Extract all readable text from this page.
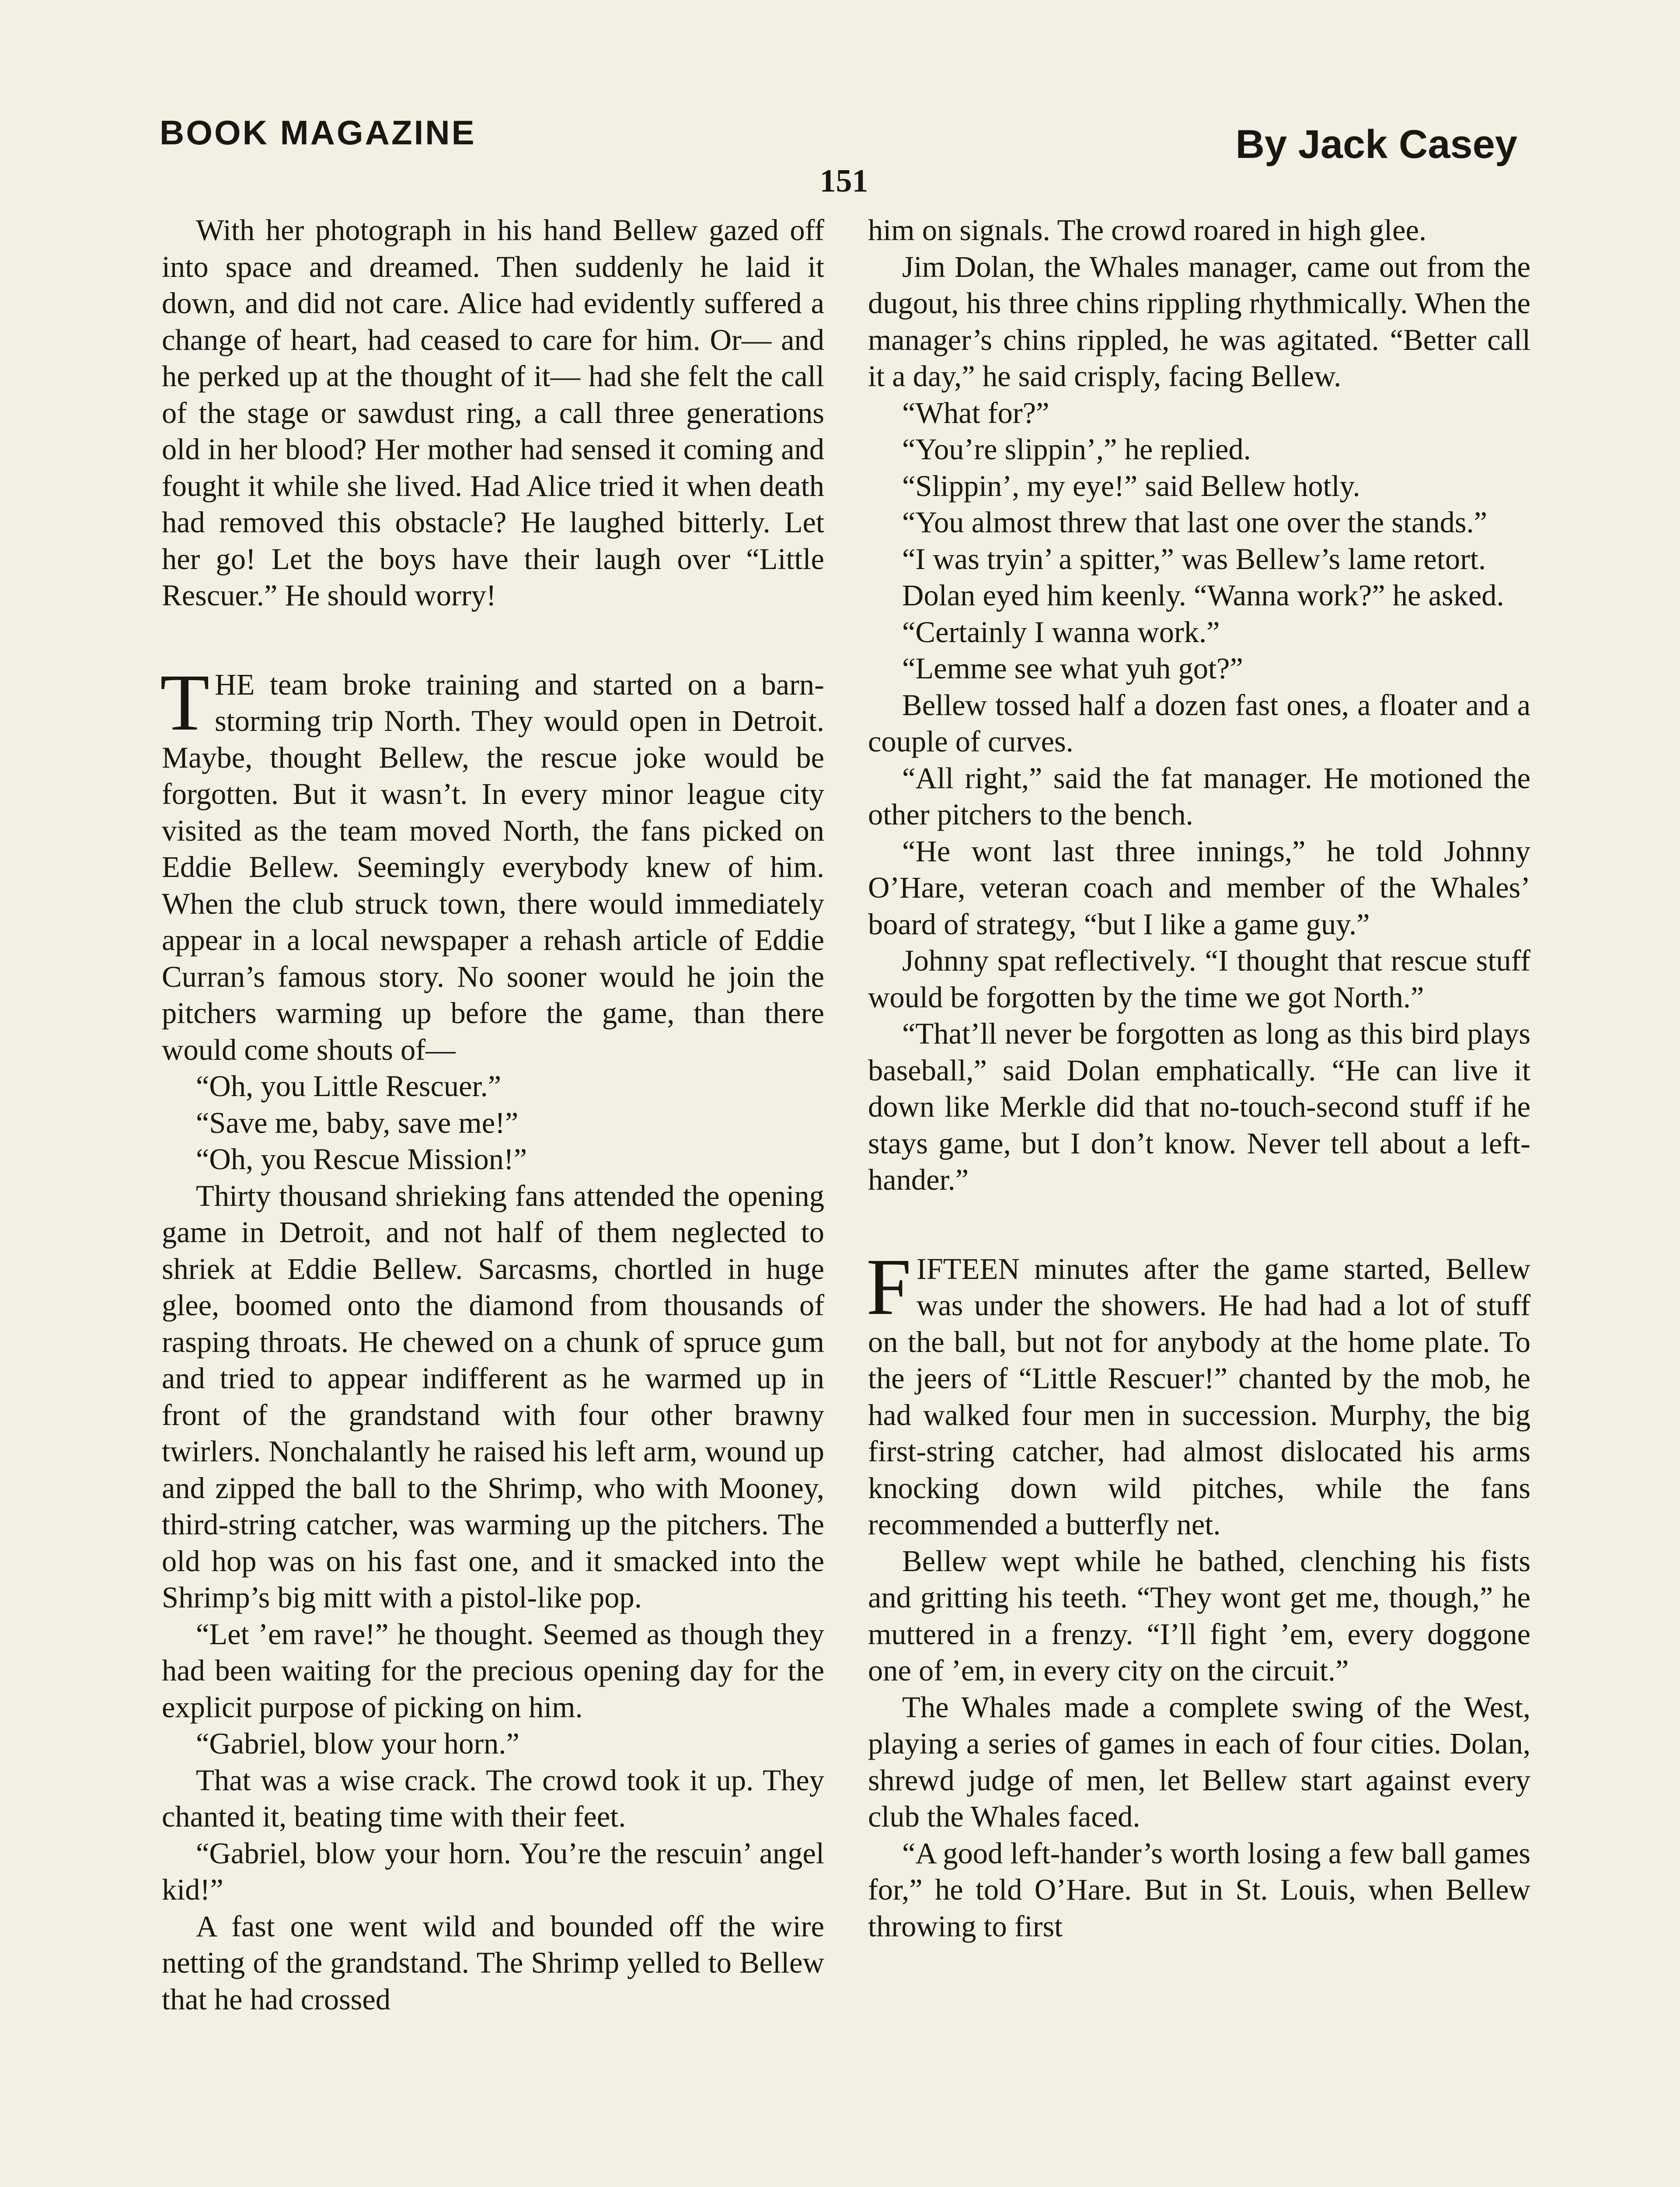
BOOK MAGAZINE	By Jack Casey
151

With her photograph in his hand Bellew gazed off into space and dreamed. Then suddenly he laid it down, and did not care. Alice had evidently suffered a change of heart, had ceased to care for him. Or— and he perked up at the thought of it— had she felt the call of the stage or sawdust ring, a call three generations old in her blood? Her mother had sensed it coming and fought it while she lived. Had Alice tried it when death had removed this obstacle? He laughed bitterly. Let her go! Let the boys have their laugh over “Little Rescuer.” He should worry!

THE team broke training and started on a barn-storming trip North. They would open in Detroit. Maybe, thought Bellew, the rescue joke would be forgotten. But it wasn’t. In every minor league city visited as the team moved North, the fans picked on Eddie Bellew. Seemingly everybody knew of him. When the club struck town, there would immediately appear in a local newspaper a rehash article of Eddie Curran’s famous story. No sooner would he join the pitchers warming up before the game, than there would come shouts of—

“Oh, you Little Rescuer.”

“Save me, baby, save me!”

“Oh, you Rescue Mission!”

Thirty thousand shrieking fans attended the opening game in Detroit, and not half of them neglected to shriek at Eddie Bellew. Sarcasms, chortled in huge glee, boomed onto the diamond from thousands of rasping throats. He chewed on a chunk of spruce gum and tried to appear indifferent as he warmed up in front of the grandstand with four other brawny twirlers. Nonchalantly he raised his left arm, wound up and zipped the ball to the Shrimp, who with Mooney, third-string catcher, was warming up the pitchers. The old hop was on his fast one, and it smacked into the Shrimp’s big mitt with a pistol-like pop.

“Let ’em rave!” he thought. Seemed as though they had been waiting for the precious opening day for the explicit purpose of picking on him.

“Gabriel, blow your horn.”

That was a wise crack. The crowd took it up. They chanted it, beating time with their feet.

“Gabriel, blow your horn. You’re the rescuin’ angel kid!”

A fast one went wild and bounded off the wire netting of the grandstand. The Shrimp yelled to Bellew that he had crossed

him on signals. The crowd roared in high glee.

Jim Dolan, the Whales manager, came out from the dugout, his three chins rippling rhythmically. When the manager’s chins rippled, he was agitated. “Better call it a day,” he said crisply, facing Bellew.

“What for?”

“You’re slippin’,” he replied.

“Slippin’, my eye!” said Bellew hotly.

“You almost threw that last one over the stands.”

“I was tryin’ a spitter,” was Bellew’s lame retort.

Dolan eyed him keenly. “Wanna work?” he asked.

“Certainly I wanna work.”

“Lemme see what yuh got?”

Bellew tossed half a dozen fast ones, a floater and a couple of curves.

“All right,” said the fat manager. He motioned the other pitchers to the bench.

“He wont last three innings,” he told Johnny O’Hare, veteran coach and member of the Whales’ board of strategy, “but I like a game guy.”

Johnny spat reflectively. “I thought that rescue stuff would be forgotten by the time we got North.”

“That’ll never be forgotten as long as this bird plays baseball,” said Dolan emphatically. “He can live it down like Merkle did that no-touch-second stuff if he stays game, but I don’t know. Never tell about a left-hander.”

FIFTEEN minutes after the game started, Bellew was under the showers. He had had a lot of stuff on the ball, but not for anybody at the home plate. To the jeers of “Little Rescuer!” chanted by the mob, he had walked four men in succession. Murphy, the big first-string catcher, had almost dislocated his arms knocking down wild pitches, while the fans recommended a butterfly net.

Bellew wept while he bathed, clenching his fists and gritting his teeth. “They wont get me, though,” he muttered in a frenzy. “I’ll fight ’em, every doggone one of ’em, in every city on the circuit.”

The Whales made a complete swing of the West, playing a series of games in each of four cities. Dolan, shrewd judge of men, let Bellew start against every club the Whales faced.

“A good left-hander’s worth losing a few ball games for,” he told O’Hare. But in St. Louis, when Bellew throwing to first
